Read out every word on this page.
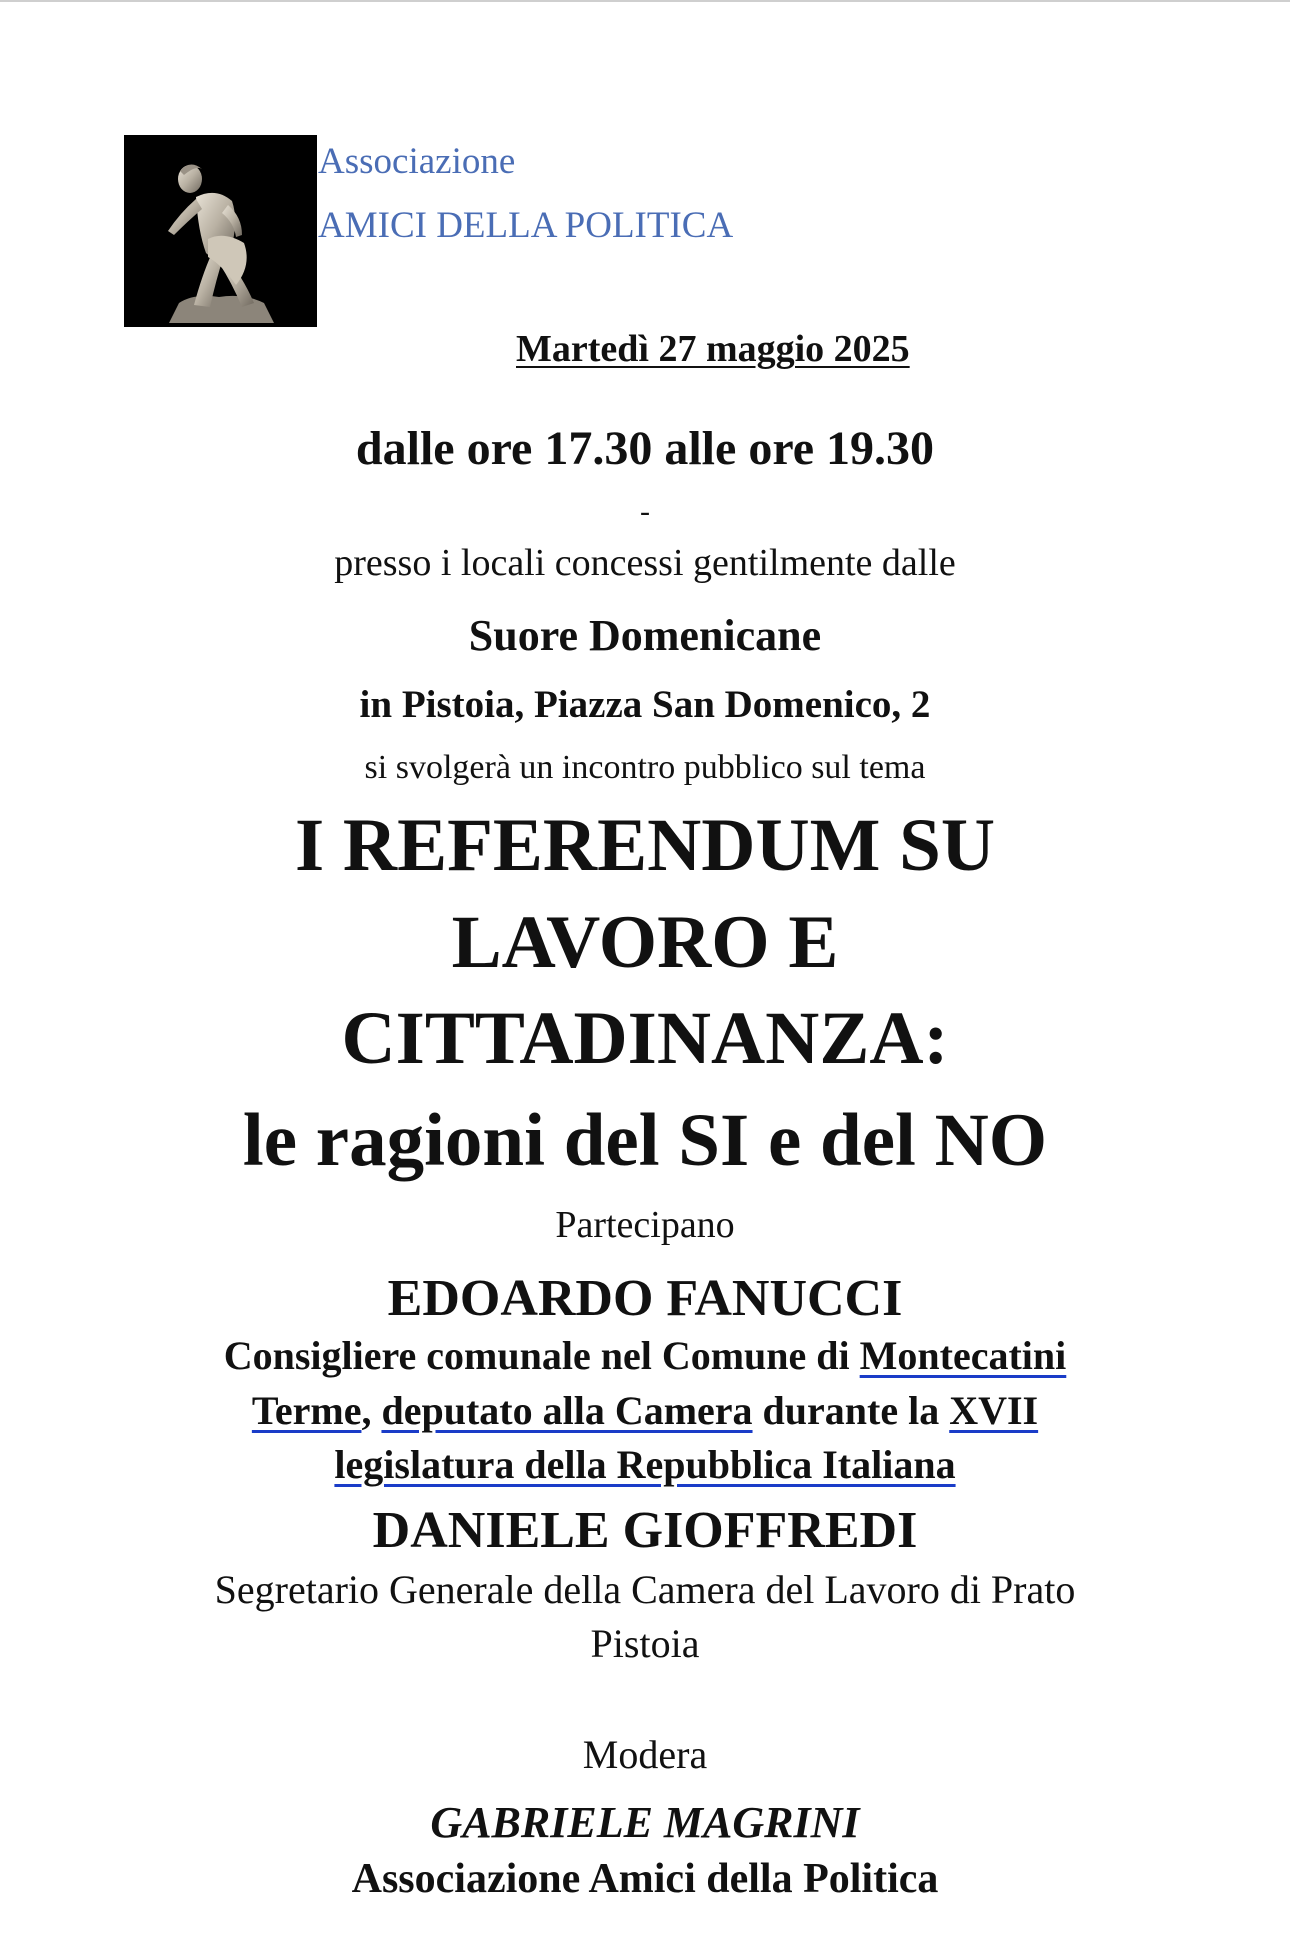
Associazione
AMICI DELLA POLITICA
Martedì 27 maggio 2025
dalle ore 17.30 alle ore 19.30
-
presso i locali concessi gentilmente dalle
Suore Domenicane
in Pistoia, Piazza San Domenico, 2
si svolgerà un incontro pubblico sul tema
I REFERENDUM SU
LAVORO E
CITTADINANZA:
le ragioni del SI e del NO
Partecipano
EDOARDO FANUCCI
Consigliere comunale nel Comune di Montecatini
Terme, deputato alla Camera durante la XVII
legislatura della Repubblica Italiana
DANIELE GIOFFREDI
Segretario Generale della Camera del Lavoro di Prato
Pistoia
Modera
GABRIELE MAGRINI
Associazione Amici della Politica
